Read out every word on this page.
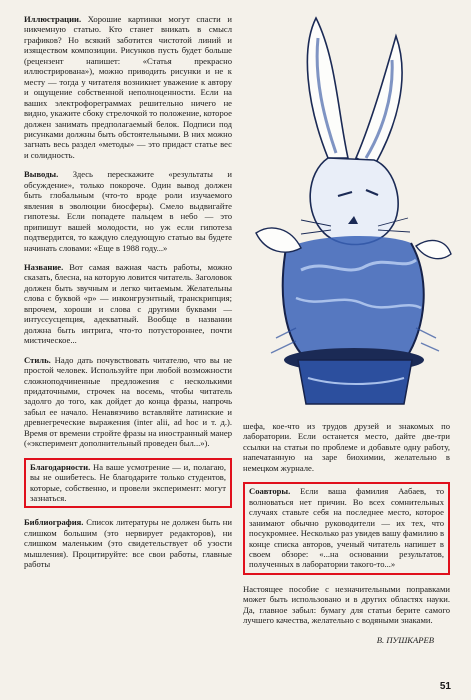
Иллюстрации. Хорошие картинки могут спасти и никчемную статью. Кто станет вникать в смысл графиков? Но всякий заботится чистотой линий и изяществом композиции. Рисунков пусть будет больше (рецензент напишет: «Статья прекрасно иллюстрирована»), можно приводить рисунки и не к месту — тогда у читателя возникнет уважение к автору и ощущение собственной неполноценности. Если на ваших электрофореграммах решительно ничего не видно, укажите сбоку стрелочкой то положение, которое должен занимать предполагаемый белок. Подписи под рисунками должны быть обстоятельными. В них можно загнать весь раздел «методы» — это придаст статье вес и солидность.

Выводы. Здесь перескажите «результаты и обсуждение», только покороче. Один вывод должен быть глобальным (что-то вроде роли изучаемого явления в эволюции биосферы). Смело выдвигайте гипотезы. Если попадете пальцем в небо — это припишут вашей молодости, но уж если гипотеза подтвердится, то каждую следующую статью вы будете начинать словами: «Еще в 1988 году...»

Название. Вот самая важная часть работы, можно сказать, блесна, на которую ловится читатель. Заголовок должен быть звучным и легко читаемым. Желательны слова с буквой «р» — инконгруэнтный, транскрипция; впрочем, хороши и слова с другими буквами — интуссусцепция, адекватный. Вообще в названии должна быть интрига, что-то потустороннее, почти мистическое...

Стиль. Надо дать почувствовать читателю, что вы не простой человек. Используйте при любой возможности сложноподчиненные предложения с несколькими придаточными, строчек на восемь, чтобы читатель задолго до того, как дойдет до конца фразы, напрочь забыл ее начало. Ненавязчиво вставляйте латинские и древнегреческие выражения (inter alii, ad hoc и т. д.). Время от времени стройте фразы на иностранный манер («эксперимент дополнительный проведен был...»).

Благодарности. На ваше усмотрение — и, полагаю, вы не ошибетесь. Не благодарите только студентов, которые, собственно, и провели эксперимент: могут зазнаться.

Библиография. Список литературы не должен быть ни слишком большим (это нервирует редакторов), ни слишком маленьким (это свидетельствует об узости мышления). Процитируйте: все свои работы, главные работы

шефа, кое-что из трудов друзей и знакомых по лаборатории. Если останется место, дайте две-три ссылки на статьи по проблеме и добавьте одну работу, напечатанную на заре биохимии, желательно в немецком журнале.

Соавторы. Если ваша фамилия Аабаев, то волноваться нет причин. Во всех сомнительных случаях ставьте себя на последнее место, которое занимают обычно руководители — их тех, что посукромнее. Несколько раз увидев вашу фамилию в конце списка авторов, ученый читатель напишет в своем обзоре: «...на основании результатов, полученных в лаборатории такого-то...»

Настоящее пособие с незначительными поправками может быть использовано и в других областях науки. Да, главное забыл: бумагу для статьи берите самого лучшего качества, желательно с водяными знаками.

В. ПУШКАРЕВ
51
